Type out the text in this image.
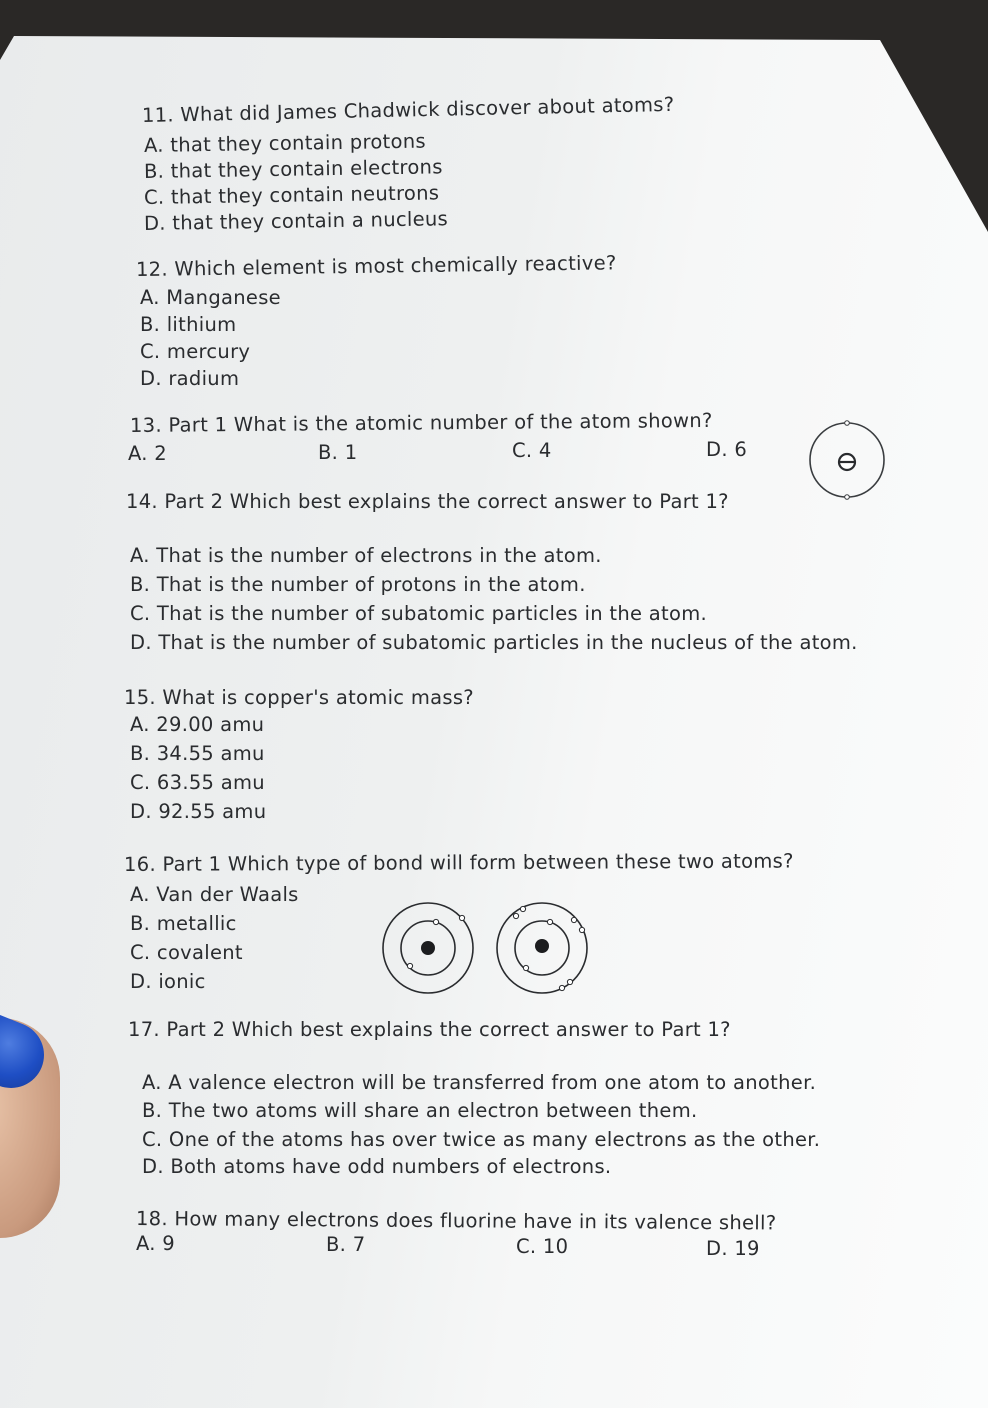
11. What did James Chadwick discover about atoms?
A. that they contain protons
B. that they contain electrons
C. that they contain neutrons
D. that they contain a nucleus
12. Which element is most chemically reactive?
A. Manganese
B. lithium
C. mercury
D. radium
13. Part 1 What is the atomic number of the atom shown?
A. 2	B. 1	C. 4	D. 6
14. Part 2 Which best explains the correct answer to Part 1?
A. That is the number of electrons in the atom.
B. That is the number of protons in the atom.
C. That is the number of subatomic particles in the atom.
D. That is the number of subatomic particles in the nucleus of the atom.
15. What is copper's atomic mass?
A. 29.00 amu
B. 34.55 amu
C. 63.55 amu
D. 92.55 amu
16. Part 1 Which type of bond will form between these two atoms?
A. Van der Waals
B. metallic
C. covalent
D. ionic
17. Part 2 Which best explains the correct answer to Part 1?
A. A valence electron will be transferred from one atom to another.
B. The two atoms will share an electron between them.
C. One of the atoms has over twice as many electrons as the other.
D. Both atoms have odd numbers of electrons.
18. How many electrons does fluorine have in its valence shell?
A. 9	B. 7	C. 10	D. 19
